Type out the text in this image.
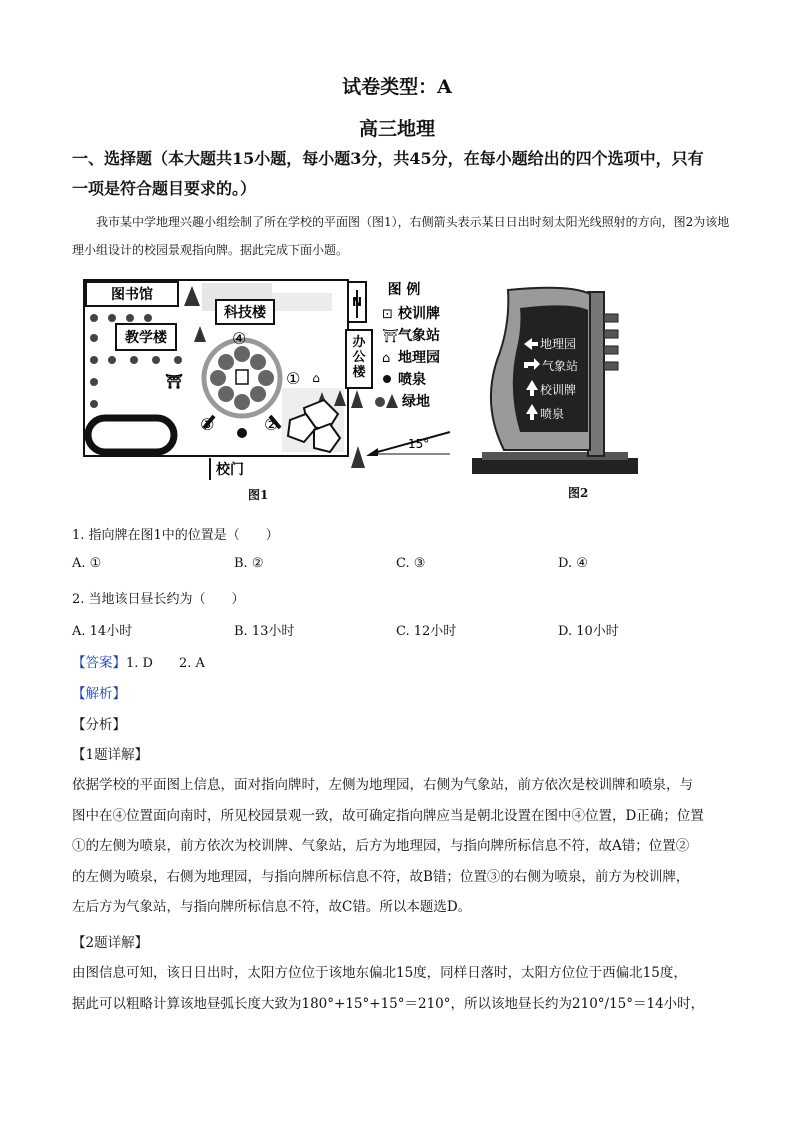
试卷类型：A
高三地理
一、选择题（本大题共15小题，每小题3分，共45分，在每小题给出的四个选项中，只有
一项是符合题目要求的。）
我市某中学地理兴趣小组绘制了所在学校的平面图（图1），右侧箭头表示某日日出时刻太阳光线照射的方向，图2为该地理小组设计的校园景观指向牌。据此完成下面小题。
图书馆
教学楼
科技楼
办公楼
N
⛩	⌂
④
①
②
③
校门
15°
图 例
⊡ 校训牌
⛩ 气象站
⌂ 地理园
喷泉
绿地
图1
地理园
气象站
校训牌
喷泉
图2
1. 指向牌在图1中的位置是（　　）
A. ①	B. ②	C. ③	D. ④
2. 当地该日昼长约为（　　）
A. 14小时	B. 13小时	C. 12小时	D. 10小时
【答案】1. D　　2. A
【解析】
【分析】
【1题详解】
依据学校的平面图上信息，面对指向牌时，左侧为地理园，右侧为气象站，前方依次是校训牌和喷泉，与
图中在④位置面向南时，所见校园景观一致，故可确定指向牌应当是朝北设置在图中④位置，D正确；位置
①的左侧为喷泉，前方依次为校训牌、气象站，后方为地理园，与指向牌所标信息不符，故A错；位置②
的左侧为喷泉，右侧为地理园，与指向牌所标信息不符，故B错；位置③的右侧为喷泉，前方为校训牌，
左后方为气象站，与指向牌所标信息不符，故C错。所以本题选D。
【2题详解】
由图信息可知，该日日出时，太阳方位位于该地东偏北15度，同样日落时，太阳方位位于西偏北15度，
据此可以粗略计算该地昼弧长度大致为180°+15°+15°＝210°，所以该地昼长约为210°/15°＝14小时，
